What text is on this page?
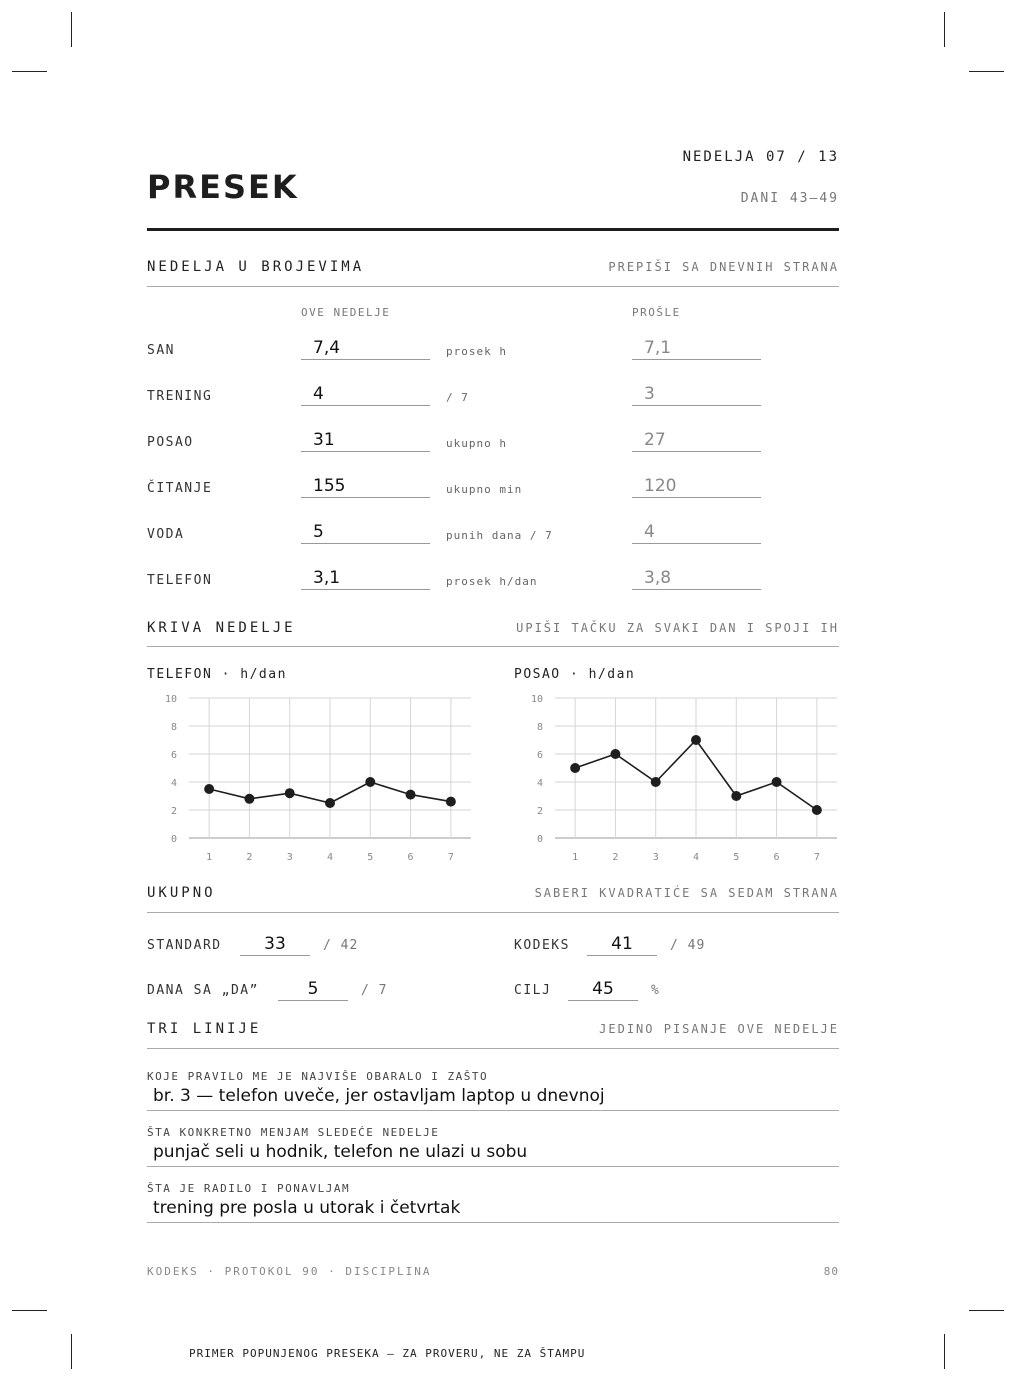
NEDELJA 07 / 13
PRESEK	DANI 43–49
NEDELJA U BROJEVIMA	PREPIŠI SA DNEVNIH STRANA
OVE NEDELJE	PROŠLE
SAN	7,4	prosek h	7,1
TRENING	4	/ 7	3
POSAO	31	ukupno h	27
ČITANJE	155	ukupno min	120
VODA	5	punih dana / 7	4
TELEFON	3,1	prosek h/dan	3,8
KRIVA NEDELJE	UPIŠI TAČKU ZA SVAKI DAN I SPOJI IH
TELEFON · h/dan	POSAO · h/dan
0
2
4
6
8
10
1	2	3	4	5	6	7
0
2
4
6
8
10
1	2	3	4	5	6	7
UKUPNO	SABERI KVADRATIĆE SA SEDAM STRANA
STANDARD	33	/ 42	KODEKS	41	/ 49
DANA SA „DA”	5	/ 7	CILJ	45	%
TRI LINIJE	JEDINO PISANJE OVE NEDELJE
KOJE PRAVILO ME JE NAJVIŠE OBARALO I ZAŠTO
br. 3 — telefon uveče, jer ostavljam laptop u dnevnoj
ŠTA KONKRETNO MENJAM SLEDEĆE NEDELJE
punjač seli u hodnik, telefon ne ulazi u sobu
ŠTA JE RADILO I PONAVLJAM
trening pre posla u utorak i četvrtak
KODEKS · PROTOKOL 90 · DISCIPLINA	80
PRIMER POPUNJENOG PRESEKA — ZA PROVERU, NE ZA ŠTAMPU
